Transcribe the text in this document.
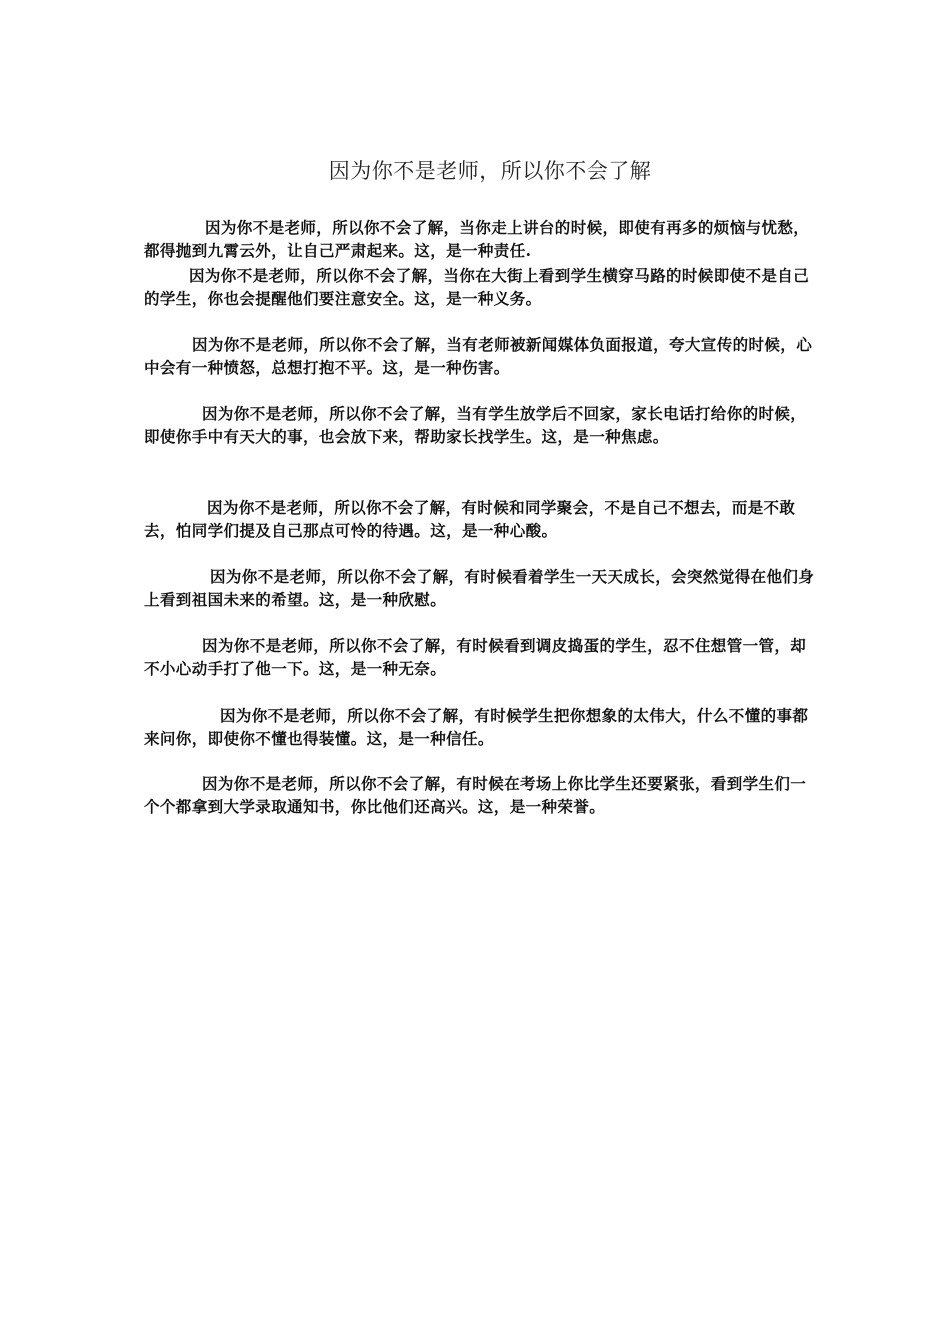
因为你不是老师，所以你不会了解

因为你不是老师，所以你不会了解，当你走上讲台的时候，即使有再多的烦恼与忧愁，都得抛到九霄云外，让自己严肃起来。这，是一种责任.

因为你不是老师，所以你不会了解，当你在大街上看到学生横穿马路的时候即使不是自己的学生，你也会提醒他们要注意安全。这，是一种义务。

因为你不是老师，所以你不会了解，当有老师被新闻媒体负面报道，夸大宣传的时候，心中会有一种愤怒，总想打抱不平。这，是一种伤害。

因为你不是老师，所以你不会了解，当有学生放学后不回家，家长电话打给你的时候，即使你手中有天大的事，也会放下来，帮助家长找学生。这，是一种焦虑。

因为你不是老师，所以你不会了解，有时候和同学聚会，不是自己不想去，而是不敢去，怕同学们提及自己那点可怜的待遇。这，是一种心酸。

因为你不是老师，所以你不会了解，有时候看着学生一天天成长，会突然觉得在他们身上看到祖国未来的希望。这，是一种欣慰。

因为你不是老师，所以你不会了解，有时候看到调皮捣蛋的学生，忍不住想管一管，却不小心动手打了他一下。这，是一种无奈。

因为你不是老师，所以你不会了解，有时候学生把你想象的太伟大，什么不懂的事都来问你，即使你不懂也得装懂。这，是一种信任。

因为你不是老师，所以你不会了解，有时候在考场上你比学生还要紧张，看到学生们一个个都拿到大学录取通知书，你比他们还高兴。这，是一种荣誉。
